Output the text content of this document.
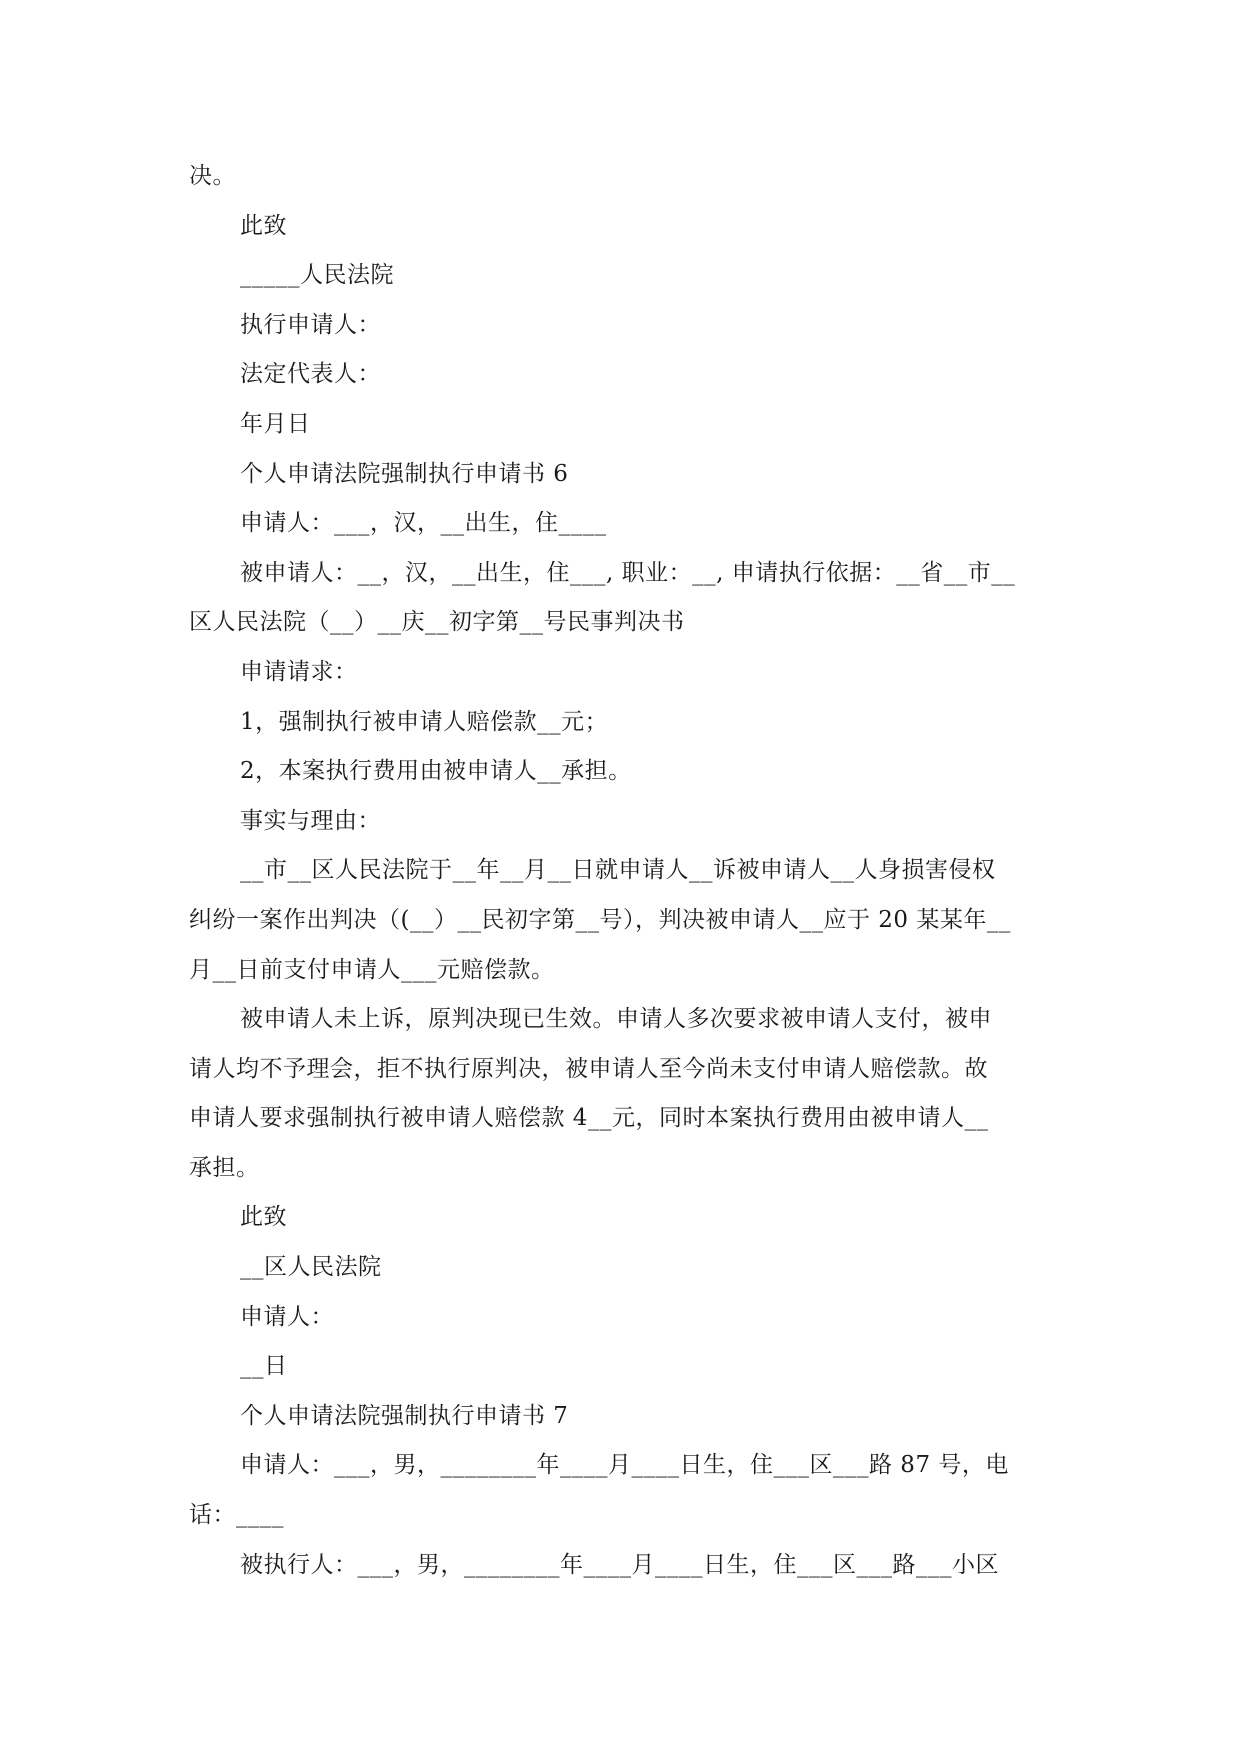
决。
此致
_____人民法院
执行申请人：
法定代表人：
年月日
个人申请法院强制执行申请书 6
申请人：___，汉，__出生，住____
被申请人：__，汉，__出生，住___, 职业：__, 申请执行依据：__省__市__
区人民法院（__）__庆__初字第__号民事判决书
申请请求：
1，强制执行被申请人赔偿款__元；
2，本案执行费用由被申请人__承担。
事实与理由：
__市__区人民法院于__年__月__日就申请人__诉被申请人__人身损害侵权
纠纷一案作出判决（(__）__民初字第__号），判决被申请人__应于 20 某某年__
月__日前支付申请人___元赔偿款。
被申请人未上诉，原判决现已生效。申请人多次要求被申请人支付，被申
请人均不予理会，拒不执行原判决，被申请人至今尚未支付申请人赔偿款。故
申请人要求强制执行被申请人赔偿款 4__元，同时本案执行费用由被申请人__
承担。
此致
__区人民法院
申请人：
__日
个人申请法院强制执行申请书 7
申请人：___，男，________年____月____日生，住___区___路 87 号，电
话：____
被执行人：___，男，________年____月____日生，住___区___路___小区
